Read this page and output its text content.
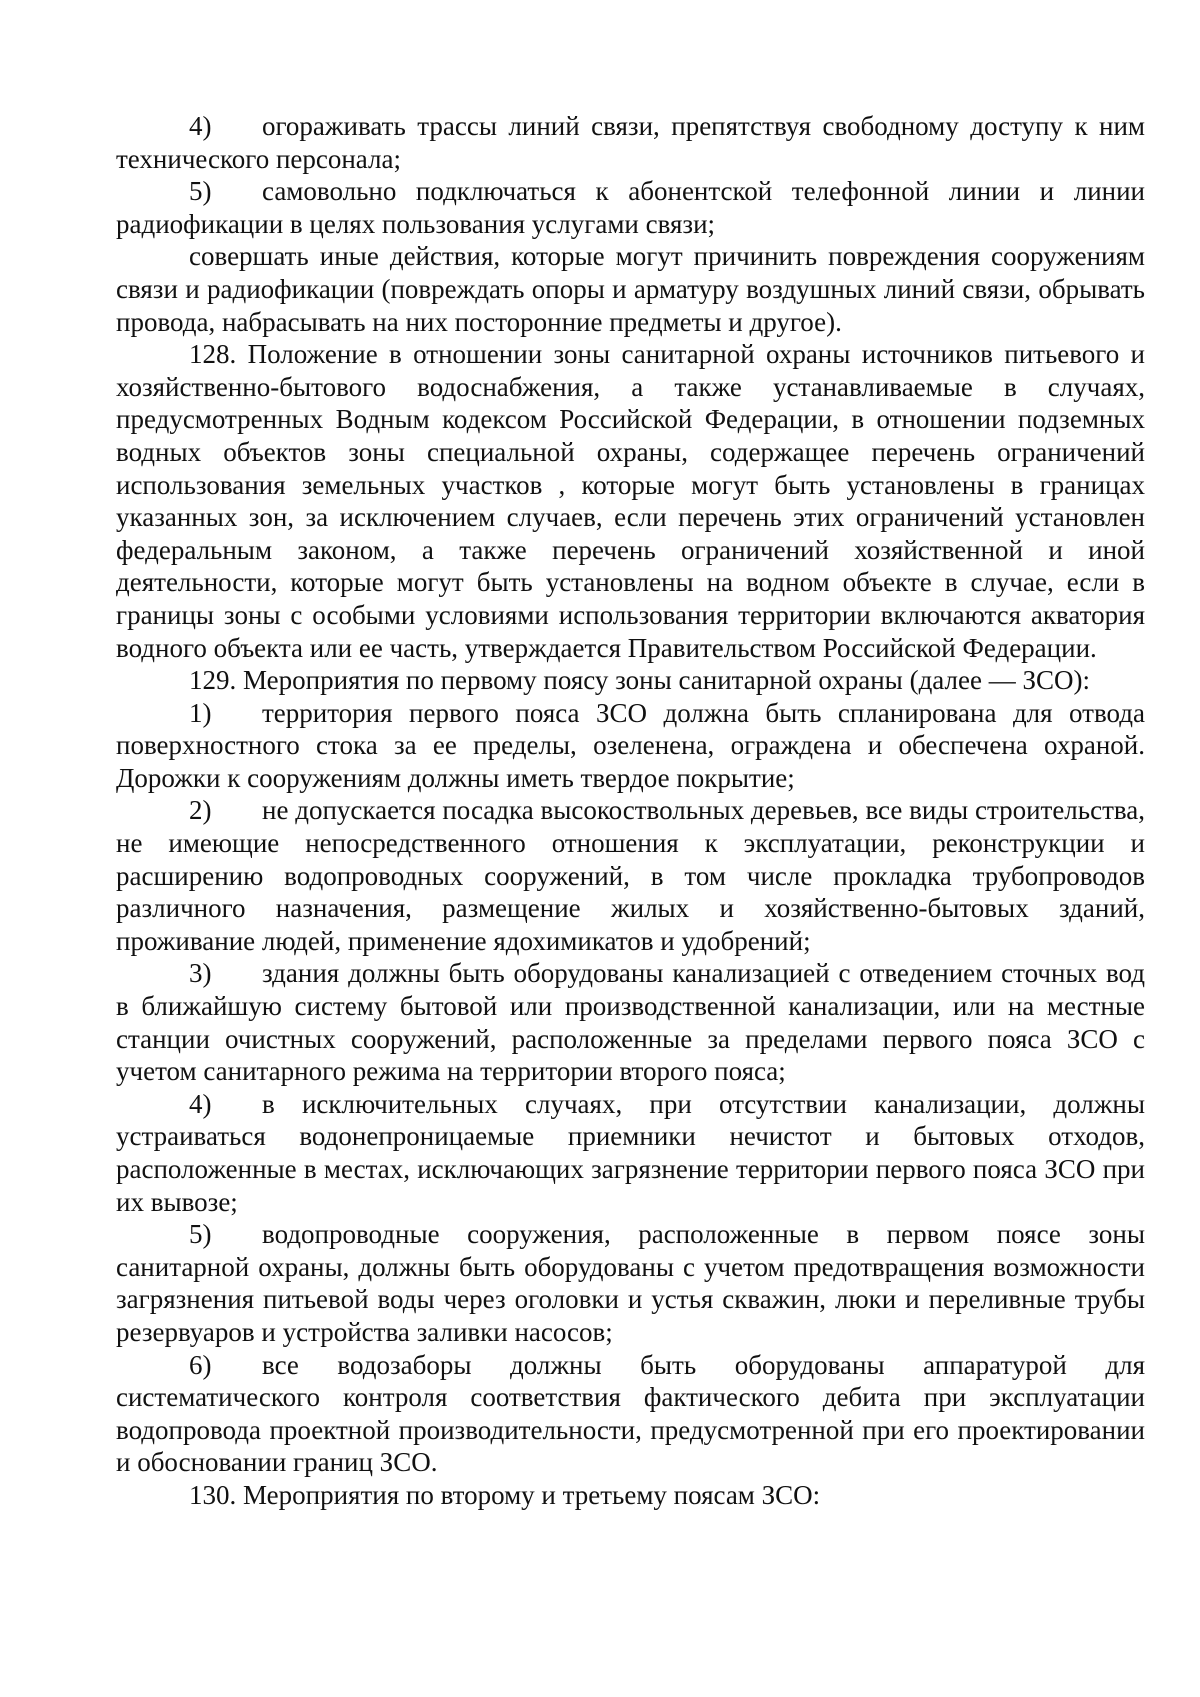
4) огораживать трассы линий связи, препятствуя свободному доступу к ним технического персонала;

5) самовольно подключаться к абонентской телефонной линии и линии радиофикации в целях пользования услугами связи;

совершать иные действия, которые могут причинить повреждения сооружениям связи и радиофикации (повреждать опоры и арматуру воздушных линий связи, обрывать провода, набрасывать на них посторонние предметы и другое).

128. Положение в отношении зоны санитарной охраны источников питьевого и хозяйственно-бытового водоснабжения, а также устанавливаемые в случаях, предусмотренных Водным кодексом Российской Федерации, в отношении подземных водных объектов зоны специальной охраны, содержащее перечень ограничений использования земельных участков , которые могут быть установлены в границах указанных зон, за исключением случаев, если перечень этих ограничений установлен федеральным законом, а также перечень ограничений хозяйственной и иной деятельности, которые могут быть установлены на водном объекте в случае, если в границы зоны с особыми условиями использования территории включаются акватория водного объекта или ее часть, утверждается Правительством Российской Федерации.

129. Мероприятия по первому поясу зоны санитарной охраны (далее — ЗСО):

1) территория первого пояса ЗСО должна быть спланирована для отвода поверхностного стока за ее пределы, озеленена, ограждена и обеспечена охраной. Дорожки к сооружениям должны иметь твердое покрытие;

2) не допускается посадка высокоствольных деревьев, все виды строительства, не имеющие непосредственного отношения к эксплуатации, реконструкции и расширению водопроводных сооружений, в том числе прокладка трубопроводов различного назначения, размещение жилых и хозяйственно-бытовых зданий, проживание людей, применение ядохимикатов и удобрений;

3) здания должны быть оборудованы канализацией с отведением сточных вод в ближайшую систему бытовой или производственной канализации, или на местные станции очистных сооружений, расположенные за пределами первого пояса ЗСО с учетом санитарного режима на территории второго пояса;

4) в исключительных случаях, при отсутствии канализации, должны устраиваться водонепроницаемые приемники нечистот и бытовых отходов, расположенные в местах, исключающих загрязнение территории первого пояса ЗСО при их вывозе;

5) водопроводные сооружения, расположенные в первом поясе зоны санитарной охраны, должны быть оборудованы с учетом предотвращения возможности загрязнения питьевой воды через оголовки и устья скважин, люки и переливные трубы резервуаров и устройства заливки насосов;

6) все водозаборы должны быть оборудованы аппаратурой для систематического контроля соответствия фактического дебита при эксплуатации водопровода проектной производительности, предусмотренной при его проектировании и обосновании границ ЗСО.

130. Мероприятия по второму и третьему поясам ЗСО:
